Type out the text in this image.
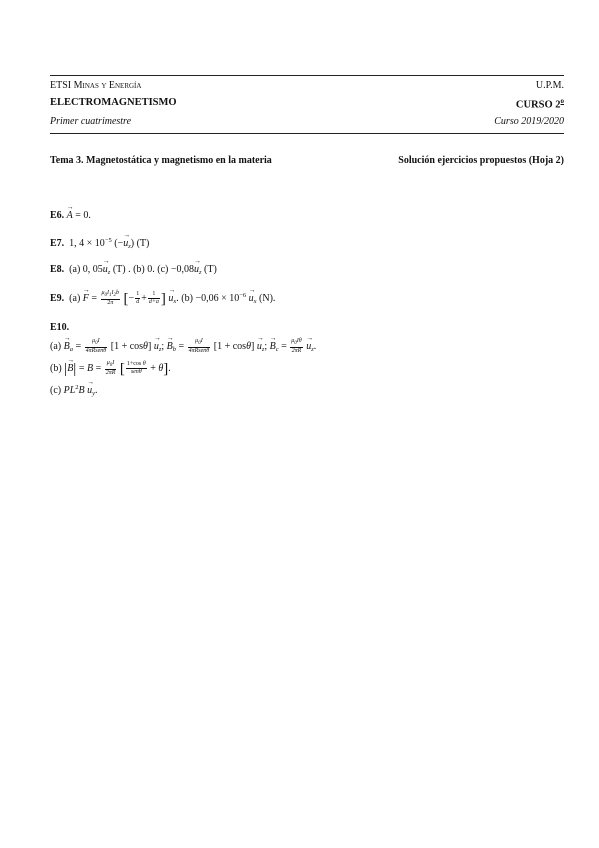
ETSI Minas y Energía	U.P.M.
ELECTROMAGNETISMO	CURSO 2$^o$
Primer cuatrimestre	Curso 2019/2020
Tema 3. Magnetostática y magnetismo en la materia	Solución ejercicios propuestos (Hoja 2)
E6. → A = 0.
E7. 1, $4 \times 10^{-5}$ (−→ $u_z$) (T)
E8.  (a) 0, $05\to u_z$ (T) . (b) 0. $(c) -0,08\to u_z$ (T)
E9.  $(a) \to F = \frac{\mu_0I_1I_2b}{2\pi}$ [− $\frac{1}{d} + \frac{1}{d+a}$ ] → $u_x$. $(b) -0,06 \times 10^{-6} \to u_x$ (N).
E10.
$(a) \to B_a = \frac{\mu_0I}{\text{4πRsenθ}} [1 + \cos\theta] \to u_z$; → $B_b = \frac{\mu_0I}{\text{4πRsenθ}} [1 + \cos\theta] \to u_z$; → $B_c = \frac{\mu_0I\theta}{2\pi R}$
→ $u_z$.
(b) |→ $B| = B = \frac{\mu_0I}{2\pi R}$ [ $\frac{\text{1+cos θ}}{\text{senθ}} + \theta$].
(c) $PL^2B \to u_y$.
